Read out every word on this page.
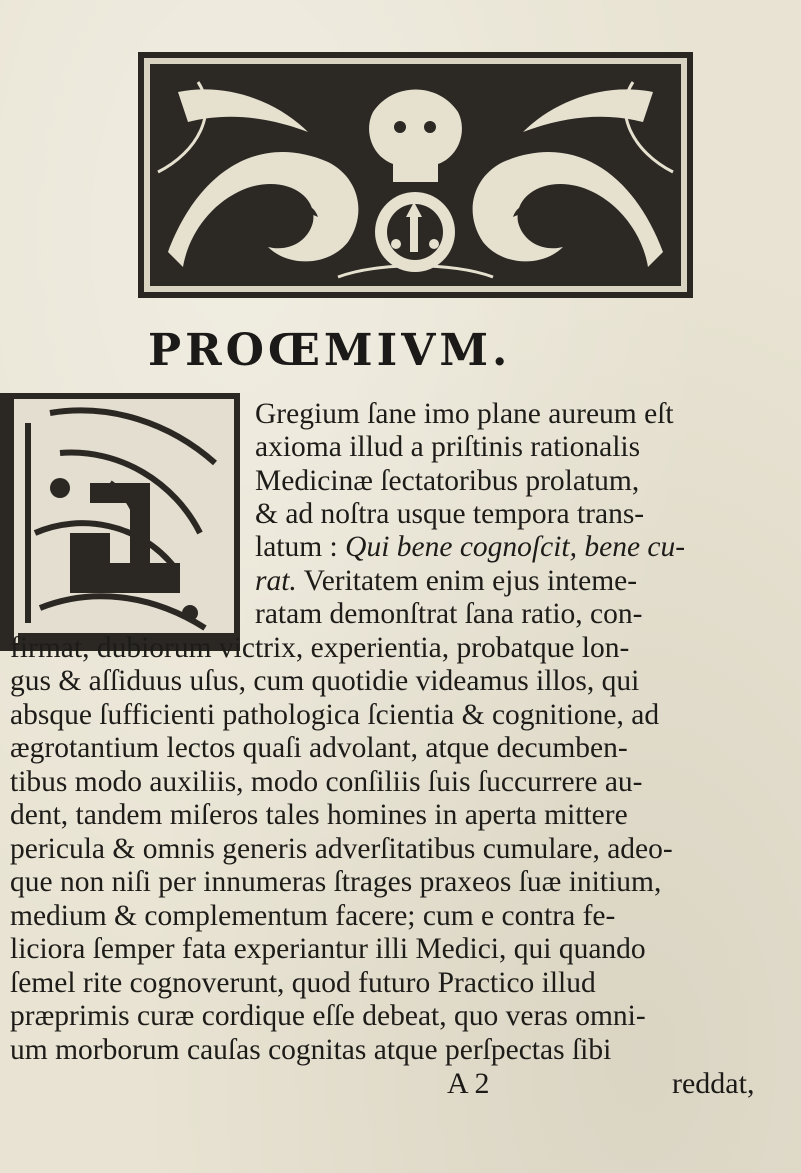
PROŒMIVM.
Gregium ſane imo plane aureum eſt
axioma illud a priſtinis rationalis
Medicinæ ſectatoribus prolatum,
& ad noſtra usque tempora trans-
latum : Qui bene cognoſcit, bene cu-
rat. Veritatem enim ejus inteme-
ratam demonſtrat ſana ratio, con-
firmat, dubiorum victrix, experientia, probatque lon-
gus & aſſiduus uſus, cum quotidie videamus illos, qui
absque ſufficienti pathologica ſcientia & cognitione, ad
ægrotantium lectos quaſi advolant, atque decumben-
tibus modo auxiliis, modo conſiliis ſuis ſuccurrere au-
dent, tandem miſeros tales homines in aperta mittere
pericula & omnis generis adverſitatibus cumulare, adeo-
que non niſi per innumeras ſtrages praxeos ſuæ initium,
medium & complementum facere; cum e contra fe-
liciora ſemper fata experiantur illi Medici, qui quando
ſemel rite cognoverunt, quod futuro Practico illud
præprimis curæ cordique eſſe debeat, quo veras omni-
um morborum cauſas cognitas atque perſpectas ſibi
A 2	reddat,
